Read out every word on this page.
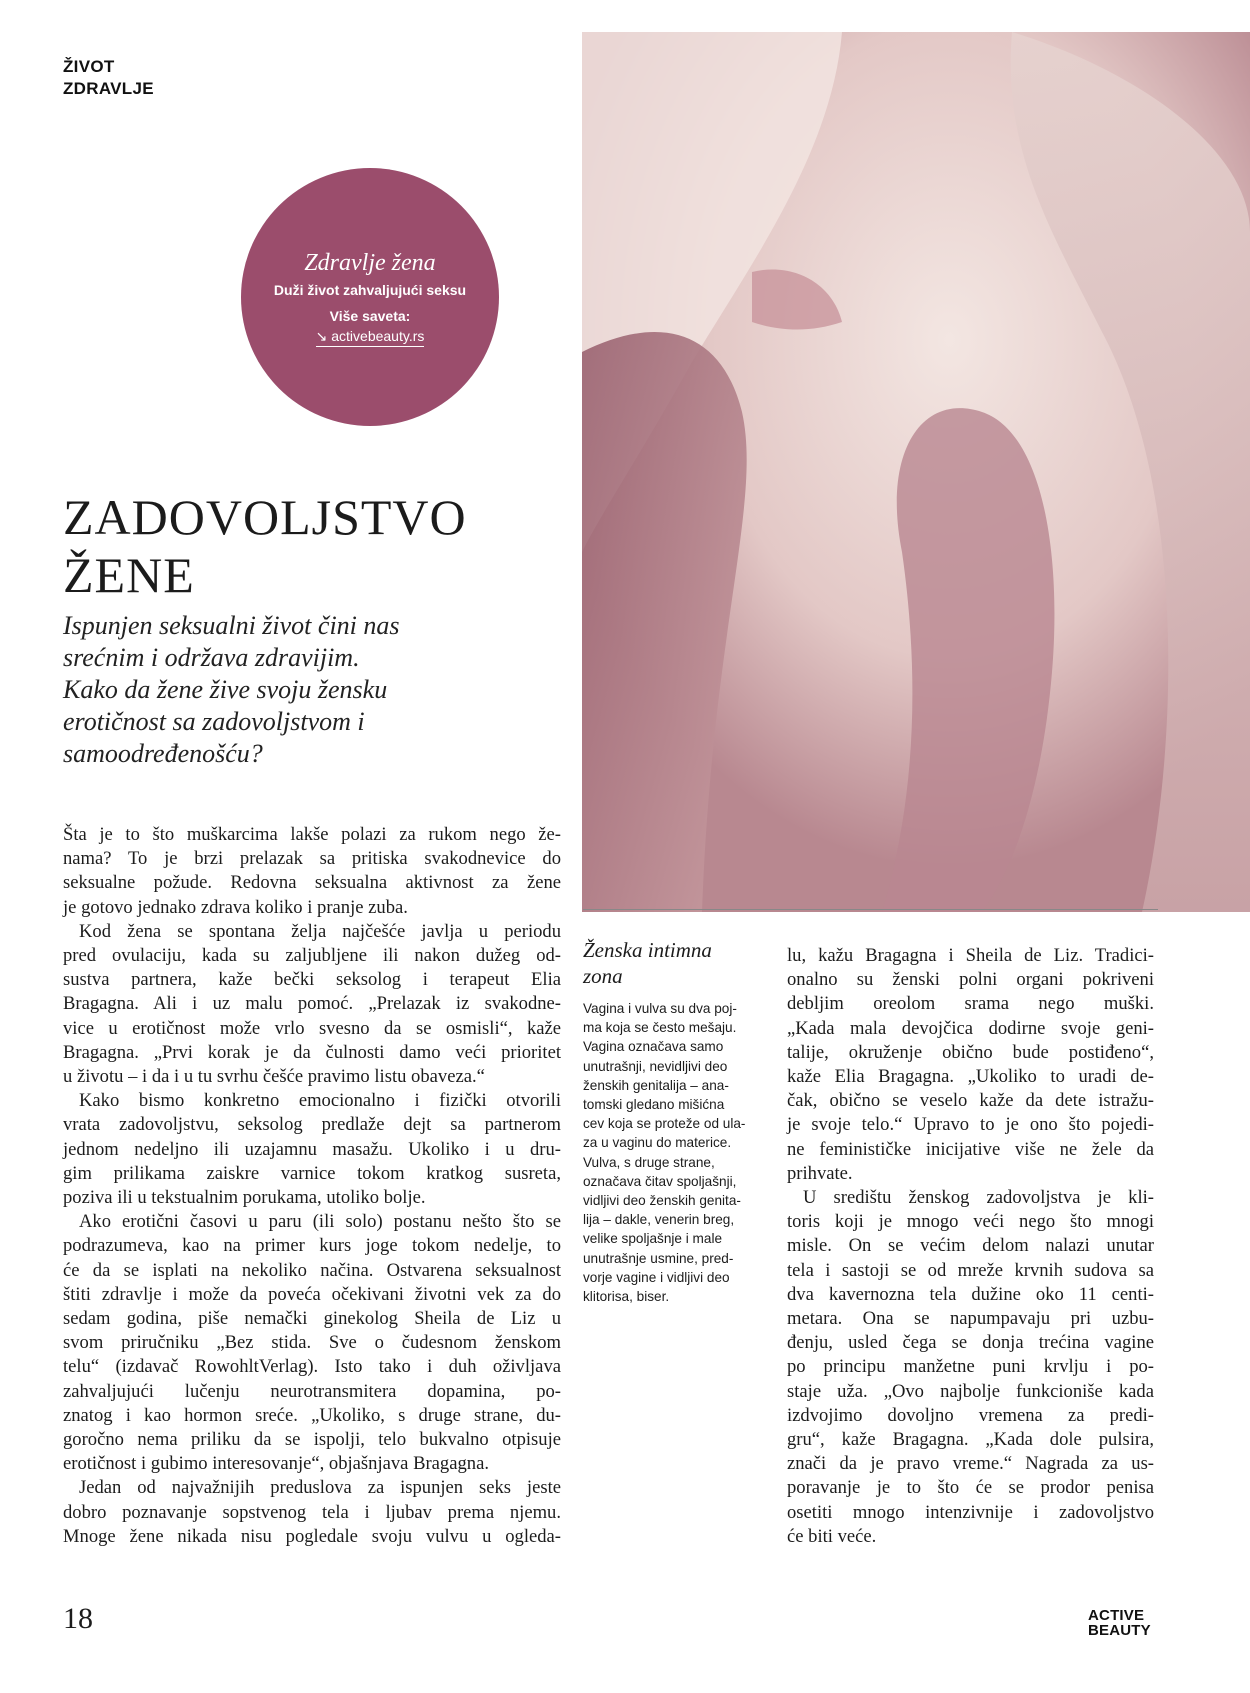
ŽIVOT
ZDRAVLJE
Zdravlje žena
Duži život zahvaljujući seksu
Više saveta:
↘ activebeauty.rs
ZADOVOLJSTVO
ŽENE
Ispunjen seksualni život čini nas
srećnim i održava zdravijim.
Kako da žene žive svoju žensku
erotičnost sa zadovoljstvom i
samoodređenošću?
Šta je to što muškarcima lakše polazi za rukom nego že-
nama? To je brzi prelazak sa pritiska svakodnevice do
seksualne požude. Redovna seksualna aktivnost za žene
je gotovo jednako zdrava koliko i pranje zuba.
Kod žena se spontana želja najčešće javlja u periodu
pred ovulaciju, kada su zaljubljene ili nakon dužeg od-
sustva partnera, kaže bečki seksolog i terapeut Elia
Bragagna. Ali i uz malu pomoć. „Prelazak iz svakodne-
vice u erotičnost može vrlo svesno da se osmisli“, kaže
Bragagna. „Prvi korak je da čulnosti damo veći prioritet
u životu – i da i u tu svrhu češće pravimo listu obaveza.“
Kako bismo konkretno emocionalno i fizički otvorili
vrata zadovoljstvu, seksolog predlaže dejt sa partnerom
jednom nedeljno ili uzajamnu masažu. Ukoliko i u dru-
gim prilikama zaiskre varnice tokom kratkog susreta,
poziva ili u tekstualnim porukama, utoliko bolje.
Ako erotični časovi u paru (ili solo) postanu nešto što se
podrazumeva, kao na primer kurs joge tokom nedelje, to
će da se isplati na nekoliko načina. Ostvarena seksualnost
štiti zdravlje i može da poveća očekivani životni vek za do
sedam godina, piše nemački ginekolog Sheila de Liz u
svom priručniku „Bez stida. Sve o čudesnom ženskom
telu“ (izdavač RowohltVerlag). Isto tako i duh oživljava
zahvaljujući lučenju neurotransmitera dopamina, po-
znatog i kao hormon sreće. „Ukoliko, s druge strane, du-
goročno nema priliku da se ispolji, telo bukvalno otpisuje
erotičnost i gubimo interesovanje“, objašnjava Bragagna.
Jedan od najvažnijih preduslova za ispunjen seks jeste
dobro poznavanje sopstvenog tela i ljubav prema njemu.
Mnoge žene nikada nisu pogledale svoju vulvu u ogleda-
Ženska intimna
zona
Vagina i vulva su dva poj-
ma koja se često mešaju.
Vagina označava samo
unutrašnji, nevidljivi deo
ženskih genitalija – ana-
tomski gledano mišićna
cev koja se proteže od ula-
za u vaginu do materice.
Vulva, s druge strane,
označava čitav spoljašnji,
vidljivi deo ženskih genita-
lija – dakle, venerin breg,
velike spoljašnje i male
unutrašnje usmine, pred-
vorje vagine i vidljivi deo
klitorisa, biser.
lu, kažu Bragagna i Sheila de Liz. Tradici-
onalno su ženski polni organi pokriveni
debljim oreolom srama nego muški.
„Kada mala devojčica dodirne svoje geni-
talije, okruženje obično bude postiđeno“,
kaže Elia Bragagna. „Ukoliko to uradi de-
čak, obično se veselo kaže da dete istražu-
je svoje telo.“ Upravo to je ono što pojedi-
ne feminističke inicijative više ne žele da
prihvate.
U središtu ženskog zadovoljstva je kli-
toris koji je mnogo veći nego što mnogi
misle. On se većim delom nalazi unutar
tela i sastoji se od mreže krvnih sudova sa
dva kavernozna tela dužine oko 11 centi-
metara. Ona se napumpavaju pri uzbu-
đenju, usled čega se donja trećina vagine
po principu manžetne puni krvlju i po-
staje uža. „Ovo najbolje funkcioniše kada
izdvojimo dovoljno vremena za predi-
gru“, kaže Bragagna. „Kada dole pulsira,
znači da je pravo vreme.“ Nagrada za us-
poravanje je to što će se prodor penisa
osetiti mnogo intenzivnije i zadovoljstvo
će biti veće.
18	ACTIVE
BEAUTY
